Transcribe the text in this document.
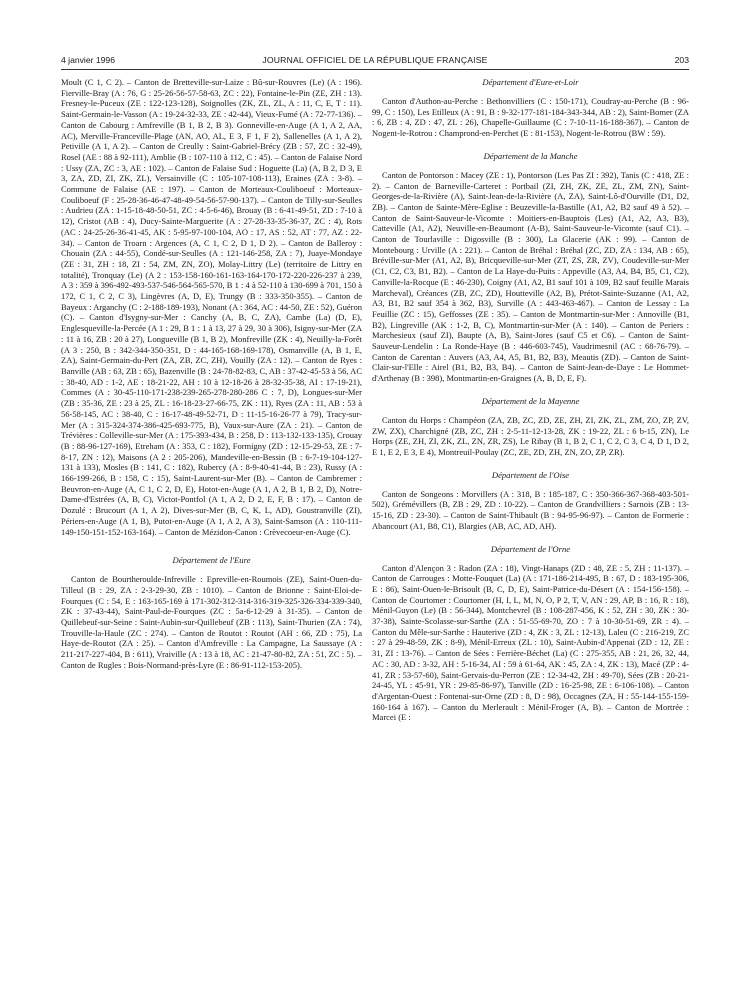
4 janvier 1996	JOURNAL OFFICIEL DE LA RÉPUBLIQUE FRANÇAISE	203

Moult (C 1, C 2). – Canton de Bretteville-sur-Laize : Bû-sur-Rouvres (Le) (A : 196). Fierville-Bray (A : 76, G : 25-26-56-57-58-63, ZC : 22), Fontaine-le-Pin (ZE, ZH : 13). Fresney-le-Puceux (ZE : 122-123-128), Soignolles (ZK, ZL, ZL, A : 11, C, E, T : 11). Saint-Germain-le-Vasson (A : 19-24-32-33, ZE : 42-44), Vieux-Fumé (A : 72-77-136). – Canton de Cabourg : Amfreville (B 1, B 2, B 3). Gonneville-en-Auge (A 1, A 2, AA, AC), Merville-Franceville-Plage (AN, AO, AL, E 3, F 1, F 2), Sallenelles (A 1, A 2), Petiville (A 1, A 2). – Canton de Creully : Saint-Gabriel-Brécy (ZB : 57, ZC : 32-49), Rosel (AE : 88 à 92-111), Amblie (B : 107-110 à 112, C : 45). – Canton de Falaise Nord : Ussy (ZA, ZC : 3, AE : 102). – Canton de Falaise Sud : Hoguette (La) (A, B 2, D 3, E 3, ZA, ZD, ZI, ZK, ZL), Versainville (C : 105-107-108-113), Eraines (ZA : 3-8). – Commune de Falaise (AE : 197). – Canton de Morteaux-Couliboeuf : Morteaux-Couliboeuf (F : 25-28-36-46-47-48-49-54-56-57-90-137). – Canton de Tilly-sur-Seulles : Audrieu (ZA : 1-15-18-48-50-51, ZC : 4-5-6-46), Brouay (B : 6-41-49-51, ZD : 7-10 à 12), Cristot (AB : 4), Ducy-Sainte-Marguerite (A : 27-28-33-35-36-37, ZC : 4), Rots (AC : 24-25-26-36-41-45, AK : 5-95-97-100-104, AO : 17, AS : 52, AT : 77, AZ : 22-34). – Canton de Troarn : Argences (A, C 1, C 2, D 1, D 2). – Canton de Balleroy : Chouain (ZA : 44-55), Condé-sur-Seulles (A : 121-146-258, ZA : 7), Juaye-Mondaye (ZE : 31, ZH : 18, ZI : 54, ZM, ZN, ZO), Molay-Littry (Le) (territoire de Littry en totalité), Tronquay (Le) (A 2 : 153-158-160-161-163-164-170-172-220-226-237 à 239, A 3 : 359 à 396-492-493-537-546-564-565-570, B 1 : 4 à 52-110 à 130-699 à 701, 150 à 172, C 1, C 2, C 3), Lingèvres (A, D, E), Trungy (B : 333-350-355). – Canton de Bayeux : Arganchy (C : 2-188-189-193), Nonant (A : 364, AC : 44-50, ZE : 52), Guéron (C). – Canton d'Isygny-sur-Mer : Canchy (A, B, C, ZA), Cambe (La) (D, E), Englesqueville-la-Percée (A 1 : 29, B 1 : 1 à 13, 27 à 29, 30 à 306), Isigny-sur-Mer (ZA : 11 à 16, ZB : 20 à 27), Longueville (B 1, B 2), Monfreville (ZK : 4), Neuilly-la-Forêt (A 3 : 250, B : 342-344-350-351, D : 44-165-168-169-178), Osmanville (A, B 1, E, ZA), Saint-Germain-du-Pert (ZA, ZB, ZC, ZH), Vouilly (ZA : 12). – Canton de Ryes : Banville (AB : 63, ZB : 65), Bazenville (B : 24-78-82-83, C, AB : 37-42-45-53 à 56, AC : 38-40, AD : 1-2, AE : 18-21-22, AH : 10 à 12-18-26 à 28-32-35-38, AI : 17-19-21), Commes (A : 30-45-110-171-238-239-265-278-280-286 C : 7, D), Longues-sur-Mer (ZB : 35-36, ZE : 23 à 25, ZL : 16-18-23-27-66-75, ZK : 11), Ryes (ZA : 11, AB : 53 à 56-58-145, AC : 38-40, C : 16-17-48-49-52-71, D : 11-15-16-26-77 à 79), Tracy-sur-Mer (A : 315-324-374-386-425-693-775, B), Vaux-sur-Aure (ZA : 21). – Canton de Trévières : Colleville-sur-Mer (A : 175-393-434, B : 258, D : 113-132-133-135), Crouay (B : 88-96-127-169), Etreham (A : 353, C : 182), Formigny (ZD : 12-15-29-53, ZE : 7-8-17, ZN : 12), Maisons (A 2 : 205-206), Mandeville-en-Bessin (B : 6-7-19-104-127-131 à 133), Mosles (B : 141, C : 182), Rubercy (A : 8-9-40-41-44, B : 23), Russy (A : 166-199-266, B : 158, C : 15), Saint-Laurent-sur-Mer (B). – Canton de Cambremer : Beuvron-en-Auge (A, C 1, C 2, D, E), Hotot-en-Auge (A 1, A 2, B 1, B 2, D), Notre-Dame-d'Estrées (A, B, C), Victot-Pontfol (A 1, A 2, D 2, E, F, B : 17). – Canton de Dozulé : Brucourt (A 1, A 2), Dives-sur-Mer (B, C, K, L, AD), Goustranville (ZI), Périers-en-Auge (A 1, B), Putot-en-Auge (A 1, A 2, A 3), Saint-Samson (A : 110-111-149-150-151-152-163-164). – Canton de Mézidon-Canon : Crèvecoeur-en-Auge (C).

Département de l'Eure

Canton de Bourtheroulde-Infreville : Epreville-en-Roumois (ZE), Saint-Ouen-du-Tilleul (B : 29, ZA : 2-3-29-30, ZB : 1010). – Canton de Brionne : Saint-Eloi-de-Fourques (C : 54, E : 163-165-169 à 171-302-312-314-316-319-325-326-334-339-340, ZK : 37-43-44), Saint-Paul-de-Fourques (ZC : 5a-6-12-29 à 31-35). – Canton de Quillebeuf-sur-Seine : Saint-Aubin-sur-Quillebeuf (ZB : 113), Saint-Thurien (ZA : 74), Trouville-la-Haule (ZC : 274). – Canton de Routot : Routot (AH : 66, ZD : 75), La Haye-de-Routot (ZA : 25). – Canton d'Amfreville : La Campagne, La Saussaye (A : 211-217-227-404, B : 611), Vraiville (A : 13 à 18, AC : 21-47-80-82, ZA : 51, ZC : 5). – Canton de Rugles : Bois-Normand-près-Lyre (E : 86-91-112-153-205).

Département d'Eure-et-Loir

Canton d'Authon-au-Perche : Bethonvilliers (C : 150-171), Coudray-au-Perche (B : 96-99, C : 150), Les Etilleux (A : 91, B : 9-32-177-181-184-343-344, AB : 2), Saint-Bomer (ZA : 6, ZB : 4, ZD : 47, ZL : 26), Chapelle-Guillaume (C : 7-10-11-16-188-367). – Canton de Nogent-le-Rotrou : Champrond-en-Perchet (E : 81-153), Nogent-le-Rotrou (BW : 59).

Département de la Manche

Canton de Pontorson : Macey (ZE : 1), Pontorson (Les Pas ZI : 392), Tanis (C : 418, ZE : 2). – Canton de Barneville-Carteret : Portbail (ZI, ZH, ZK, ZE, ZL, ZM, ZN), Saint-Georges-de-la-Rivière (A), Saint-Jean-de-la-Rivière (A, ZA), Saint-Lô-d'Ourville (D1, D2, ZB). – Canton de Sainte-Mère-Eglise : Beuzeville-la-Bastille (A1, A2, B2 sauf 49 à 52). – Canton de Saint-Sauveur-le-Vicomte : Moitiers-en-Bauptois (Les) (A1, A2, A3, B3), Catteville (A1, A2), Neuville-en-Beaumont (A-B), Saint-Sauveur-le-Vicomte (sauf C1). – Canton de Tourlaville : Digosville (B : 300), La Glacerie (AK : 99). – Canton de Montebourg : Urville (A : 221). – Canton de Bréhal : Bréhal (ZC, ZD, ZA : 134, AB : 65), Bréville-sur-Mer (A1, A2, B), Bricqueville-sur-Mer (ZT, ZS, ZR, ZV), Coudeville-sur-Mer (C1, C2, C3, B1, B2). – Canton de La Haye-du-Puits : Appeville (A3, A4, B4, B5, C1, C2), Canville-la-Rocque (E : 46-230), Coigny (A1, A2, B1 sauf 101 à 109, B2 sauf feuille Marais Marcheval), Créances (ZB, ZC, ZD), Houtteville (A2, B), Prétot-Sainte-Suzanne (A1, A2, A3, B1, B2 sauf 354 à 362, B3), Surville (A : 443-463-467). – Canton de Lessay : La Feuillie (ZC : 15), Geffosses (ZE : 35). – Canton de Montmartin-sur-Mer : Annoville (B1, B2), Lingreville (AK : 1-2, B, C), Montmartin-sur-Mer (A : 140). – Canton de Periers : Marchesieux (sauf ZI), Baupte (A, B), Saint-Jores (sauf C5 et C6). – Canton de Saint-Sauveur-Lendelin : La Ronde-Haye (B : 446-603-745), Vaudrimesnil (AC : 68-76-79). – Canton de Carentan : Auvers (A3, A4, A5, B1, B2, B3), Meautis (ZD). – Canton de Saint-Clair-sur-l'Elle : Airel (B1, B2, B3, B4). – Canton de Saint-Jean-de-Daye : Le Hommet-d'Arthenay (B : 398), Montmartin-en-Graignes (A, B, D, E, F).

Département de la Mayenne

Canton du Horps : Champéon (ZA, ZB, ZC, ZD, ZE, ZH, ZI, ZK, ZL, ZM, ZO, ZP, ZV, ZW, ZX), Charchigné (ZB, ZC, ZH : 2-5-11-12-13-28, ZK : 19-22, ZL : 6 b-15, ZN), Le Horps (ZE, ZH, ZI, ZK, ZL, ZN, ZR, ZS), Le Ribay (B 1, B 2, C 1, C 2, C 3, C 4, D 1, D 2, E 1, E 2, E 3, E 4), Montreuil-Poulay (ZC, ZE, ZD, ZH, ZN, ZO, ZP, ZR).

Département de l'Oise

Canton de Songeons : Morvillers (A : 318, B : 185-187, C : 350-366-367-368-403-501-502), Grémévillers (B, ZB : 29, ZD : 10-22). – Canton de Grandvilliers : Sarnois (ZB : 13-15-16, ZD : 23-30). – Canton de Saint-Thibault (B : 94-95-96-97). – Canton de Formerie : Abancourt (A1, B8, C1), Blargies (AB, AC, AD, AH).

Département de l'Orne

Canton d'Alençon 3 : Radon (ZA : 18), Vingt-Hanaps (ZD : 48, ZE : 5, ZH : 11-137). – Canton de Carrouges : Motte-Fouquet (La) (A : 171-186-214-495, B : 67, D : 183-195-306, E : 86), Saint-Ouen-le-Brisoult (B, C, D, E), Saint-Patrice-du-Désert (A : 154-156-158). – Canton de Courtomer : Courtomer (H, I, L, M, N, O, P 2, T, V, AN : 29, AP, B : 16, R : 18), Ménil-Guyon (Le) (B : 56-344), Montchevrel (B : 108-287-456, K : 52, ZH : 30, ZK : 30-37-38), Sainte-Scolasse-sur-Sarthe (ZA : 51-55-69-70, ZO : 7 à 10-30-51-69, ZR : 4). – Canton du Mêle-sur-Sarthe : Hauterive (ZD : 4, ZK : 3, ZL : 12-13), Laleu (C : 216-219, ZC : 27 à 29-48-59, ZK : 8-9), Ménil-Erreux (ZL : 10), Saint-Aubin-d'Appenai (ZD : 12, ZE : 31, ZI : 13-76). – Canton de Sées : Ferrière-Béchet (La) (C : 275-355, AB : 21, 26, 32, 44, AC : 30, AD : 3-32, AH : 5-16-34, AI : 59 à 61-64, AK : 45, ZA : 4, ZK : 13), Macé (ZP : 4-41, ZR : 53-57-60), Saint-Gervais-du-Perron (ZE : 12-34-42, ZH : 49-70), Sées (ZB : 20-21-24-45, YL : 45-91, YR : 29-85-86-97), Tanville (ZD : 16-25-98, ZE : 6-106-108). – Canton d'Argentan-Ouest : Fontenai-sur-Orne (ZD : 8, D : 98), Occagnes (ZA, H : 55-144-155-159-160-164 à 167). – Canton du Merlerault : Ménil-Froger (A, B). – Canton de Mortrée : Marcei (E :
